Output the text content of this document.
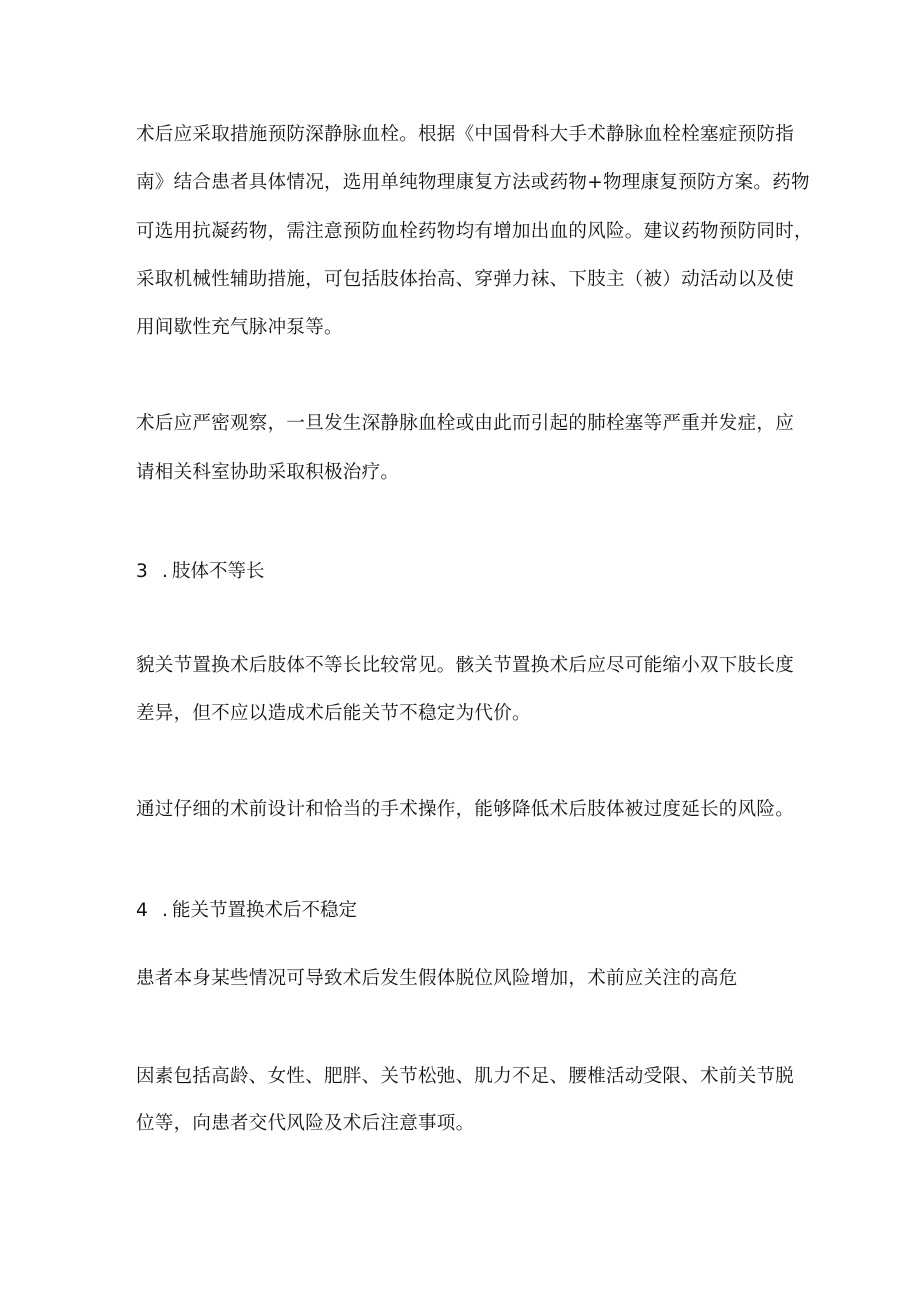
术后应采取措施预防深静脉血栓。根据《中国骨科大手术静脉血栓栓塞症预防指
南》结合患者具体情况，选用单纯物理康复方法或药物+物理康复预防方案。药物
可选用抗凝药物，需注意预防血栓药物均有增加出血的风险。建议药物预防同时，
采取机械性辅助措施，可包括肢体抬高、穿弹力袜、下肢主（被）动活动以及使
用间歇性充气脉冲泵等。
术后应严密观察，一旦发生深静脉血栓或由此而引起的肺栓塞等严重并发症，应
请相关科室协助采取积极治疗。
3 . 肢体不等长
貌关节置换术后肢体不等长比较常见。骸关节置换术后应尽可能缩小双下肢长度
差异，但不应以造成术后能关节不稳定为代价。
通过仔细的术前设计和恰当的手术操作，能够降低术后肢体被过度延长的风险。
4 . 能关节置换术后不稳定
患者本身某些情况可导致术后发生假体脱位风险增加，术前应关注的高危
因素包括高龄、女性、肥胖、关节松弛、肌力不足、腰椎活动受限、术前关节脱
位等，向患者交代风险及术后注意事项。
